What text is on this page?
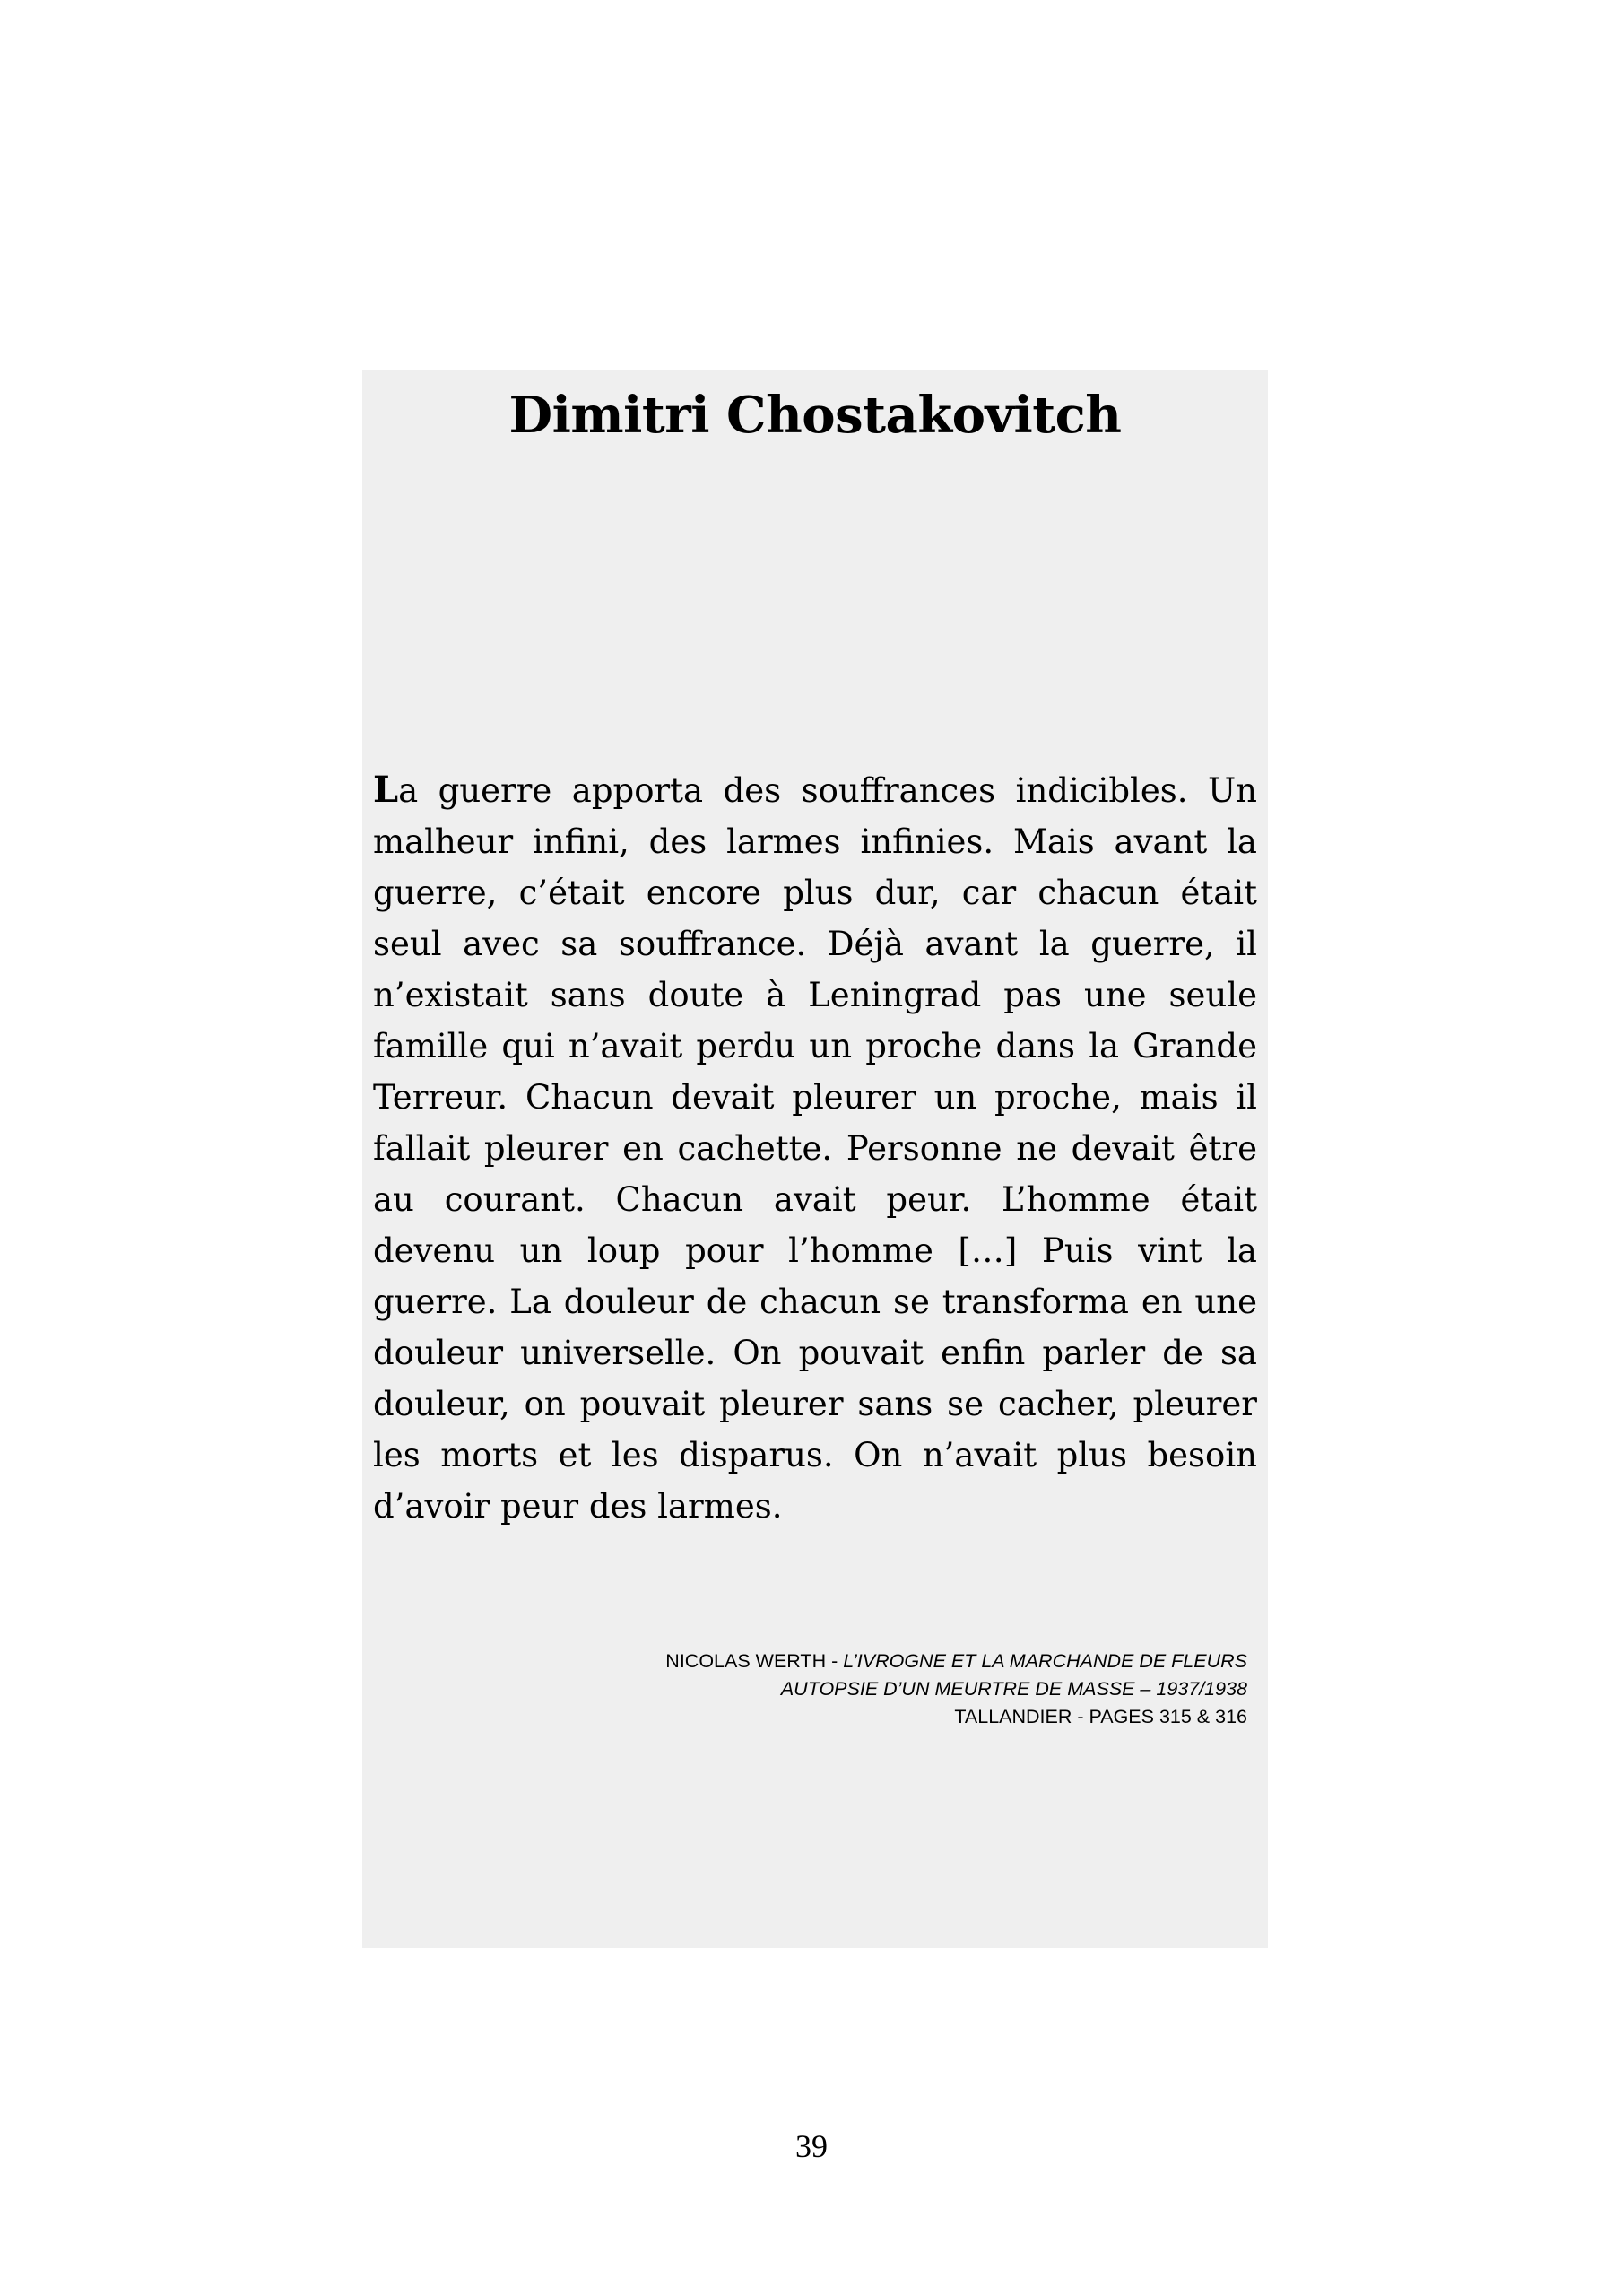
Dimitri Chostakovitch
La guerre apporta des souffrances indicibles. Un malheur infini, des larmes infinies. Mais avant la guerre, c’était encore plus dur, car chacun était seul avec sa souffrance. Déjà avant la guerre, il n’existait sans doute à Leningrad pas une seule famille qui n’avait perdu un proche dans la Grande Terreur. Chacun devait pleurer un proche, mais il fallait pleurer en cachette. Personne ne devait être au courant. Chacun avait peur. L’homme était devenu un loup pour l’homme […] Puis vint la guerre. La douleur de chacun se transforma en une douleur universelle. On pouvait enfin parler de sa douleur, on pouvait pleurer sans se cacher, pleurer les morts et les disparus. On n’avait plus besoin d’avoir peur des larmes.
NICOLAS WERTH - L’IVROGNE ET LA MARCHANDE DE FLEURS
AUTOPSIE D’UN MEURTRE DE MASSE – 1937/1938
TALLANDIER - PAGES 315 & 316
39
